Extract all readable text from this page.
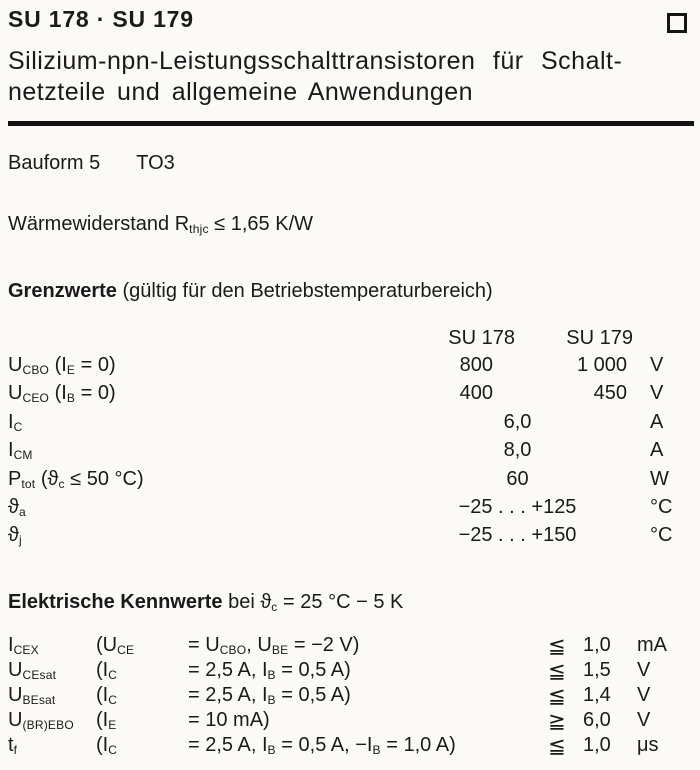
SU 178 · SU 179
Silizium-npn-Leistungsschalttransistoren für Schalt-
netzteile und allgemeine Anwendungen
Bauform 5 TO3
Wärmewiderstand $R_{thjc} \le 1,65$ K/W
Grenzwerte (gültig für den Betriebstemperaturbereich)
SU 178	SU 179
$U_{CBO}$ $(I_E = 0)$	800	1 000 V
$U_{CEO}$ $(I_B = 0)$	400	450 V
$I_C$	6,0	A
$I_{CM}$	8,0	A
$P_{tot}$ ($ϑ_c \le 50$ °C)	60	W
$ϑ_a$	−25 . . . +125	°C
$ϑ_j$	−25 . . . +150	°C
Elektrische Kennwerte bei $ϑ_c = 25$ °C − 5 K
$I_{CEX}$	($U_{CE}$	= $U_{CBO}$, $U_{BE} = -2$ V)	≦ 1,0 mA
$U_{CEsat}$ ($I_C$	= 2,5 A, $I_B = 0,5$ A)	≦ 1,5 V
$U_{BEsat}$ ($I_C$	= 2,5 A, $I_B = 0,5$ A)	≦ 1,4 V
$U_{(BR)EBO}$ ($I_E$	= 10 mA)	≧ 6,0 V
$t_f$	($I_C$	= 2,5 A, $I_B = 0,5$ A, $-I_B = 1,0$ A)	≦ 1,0 μs
